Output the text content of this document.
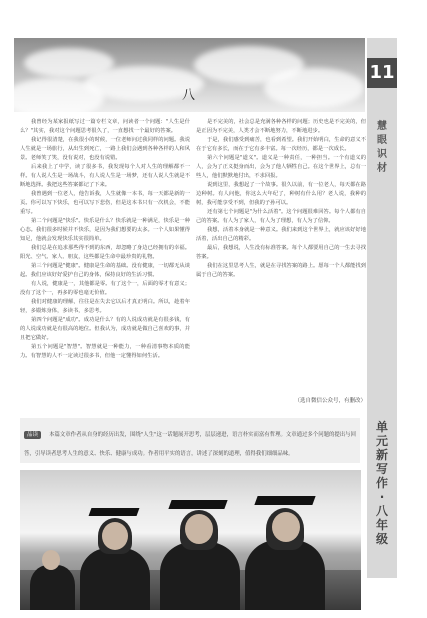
八
11
慧
眼
识
材
单
元
新
写
作
·
八
年
级

我曾经为某家报纸写过一篇专栏文章，问读者一个问题："人生是什么？"其实，我对这个问题思考很久了，一直想找一个最好的答案。

我记得很清楚，在我很小的时候，一位老师问过我同样的问题。我说人生就是一场旅行，从出生到死亡，一路上我们会遇到各种各样的人和风景。老师笑了笑，没有说对，也没有说错。

后来我上了中学，读了很多书，我发现每个人对人生的理解都不一样。有人说人生是一场战斗，有人说人生是一场梦，还有人说人生就是不断地选择。我把这些答案都记了下来。

我曾遇到一位老人，他告诉我，人生就像一本书，每一天都是新的一页。你可以写下快乐，也可以写下悲伤，但是这本书只有一次机会，不能重写。

第二个问题是"快乐"。快乐是什么？快乐就是一种满足，快乐是一种心态。我们很多时候并不快乐，是因为我们想要的太多。一个人如果懂得知足，他就会发现快乐其实很简单。

我们总是在追求那些得不到的东西，却忽略了身边已经拥有的幸福。阳光、空气、家人、朋友，这些都是生命中最珍贵的礼物。

第三个问题是"健康"。健康是生命的基础。没有健康，一切都无从谈起。我们应该好好爱护自己的身体，保持良好的生活习惯。

有人说，健康是一，其他都是零。有了这个一，后面的零才有意义；没有了这个一，再多的零也毫无价值。

我们对健康的理解，往往是在失去它以后才真正明白。所以，趁着年轻，多锻炼身体，多读书，多思考。

第四个问题是"成功"。成功是什么？有的人说成功就是有很多钱，有的人说成功就是有很高的地位。但我认为，成功就是做自己喜欢的事，并且把它做好。

第五个问题是"智慧"。智慧就是一种能力，一种看清事物本质的能力。有智慧的人不一定读过很多书，但他一定懂得如何生活。

是不完美的，社会总是充满各种各样的问题；历史也是不完美的，但是正因为不完美，人类才会不断地努力，不断地进步。

于是，我们感受到痛苦，也看到希望。我们开始明白，生命的意义不在于它有多长，而在于它有多丰富。每一次经历，都是一次成长。

第六个问题是"道义"。道义是一种责任，一种担当。一个有道义的人，会为了正义挺身而出，会为了他人牺牲自己。在这个世界上，总有一些人，他们默默地付出，不求回报。

说到这里，我想起了一个故事。很久以前，有一位老人，每天都在路边种树。有人问他，你这么大年纪了，种树有什么用？老人说，我种的树，我可能享受不到，但我的子孙可以。

还有第七个问题是"为什么活着"。这个问题很难回答。每个人都有自己的答案。有人为了家人，有人为了理想，有人为了信仰。

我想，活着本身就是一种意义。我们来到这个世界上，就应该好好地活着，活出自己的精彩。

最后，我想说，人生没有标准答案。每个人都要用自己的一生去寻找答案。

我们在这里思考人生，就是在寻找答案的路上。愿每一个人都能找到属于自己的答案。

（选自微信公众号，有删改）
品读 本篇文章作者从自身的经历出发，围绕"人生"这一话题展开思考，层层递进，语言朴实而富有哲理。文章通过多个问题的提出与回答，引导读者思考人生的意义、快乐、健康与成功。作者用平实的语言，讲述了深刻的道理，值得我们细细品味。
